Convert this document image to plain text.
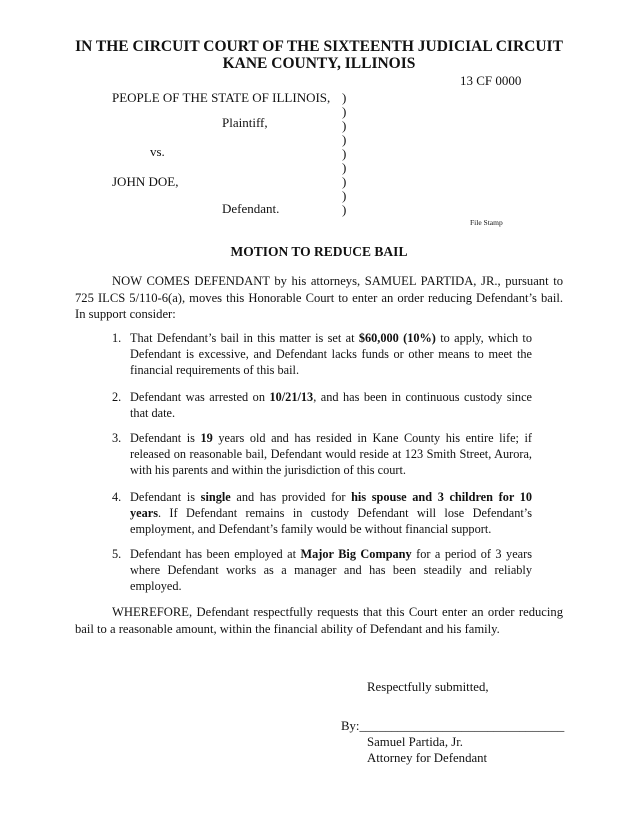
IN THE CIRCUIT COURT OF THE SIXTEENTH JUDICIAL CIRCUIT
KANE COUNTY, ILLINOIS
13 CF 0000
PEOPLE OF THE STATE OF ILLINOIS,
Plaintiff,
vs.
JOHN DOE,
Defendant.
)
)
)
)
)
)
)
)
)
File Stamp
MOTION TO REDUCE BAIL
NOW COMES DEFENDANT by his attorneys, SAMUEL PARTIDA, JR., pursuant to 725 ILCS 5/110-6(a), moves this Honorable Court to enter an order reducing Defendant’s bail. In support consider:
1. That Defendant’s bail in this matter is set at $60,000 (10%) to apply, which to Defendant is excessive, and Defendant lacks funds or other means to meet the financial requirements of this bail.
2. Defendant was arrested on 10/21/13, and has been in continuous custody since that date.
3. Defendant is 19 years old and has resided in Kane County his entire life; if released on reasonable bail, Defendant would reside at 123 Smith Street, Aurora, with his parents and within the jurisdiction of this court.
4. Defendant is single and has provided for his spouse and 3 children for 10 years. If Defendant remains in custody Defendant will lose Defendant’s employment, and Defendant’s family would be without financial support.
5. Defendant has been employed at Major Big Company for a period of 3 years where Defendant works as a manager and has been steadily and reliably employed.
WHEREFORE, Defendant respectfully requests that this Court enter an order reducing bail to a reasonable amount, within the financial ability of Defendant and his family.
Respectfully submitted,
By:________________________________
Samuel Partida, Jr.
Attorney for Defendant
